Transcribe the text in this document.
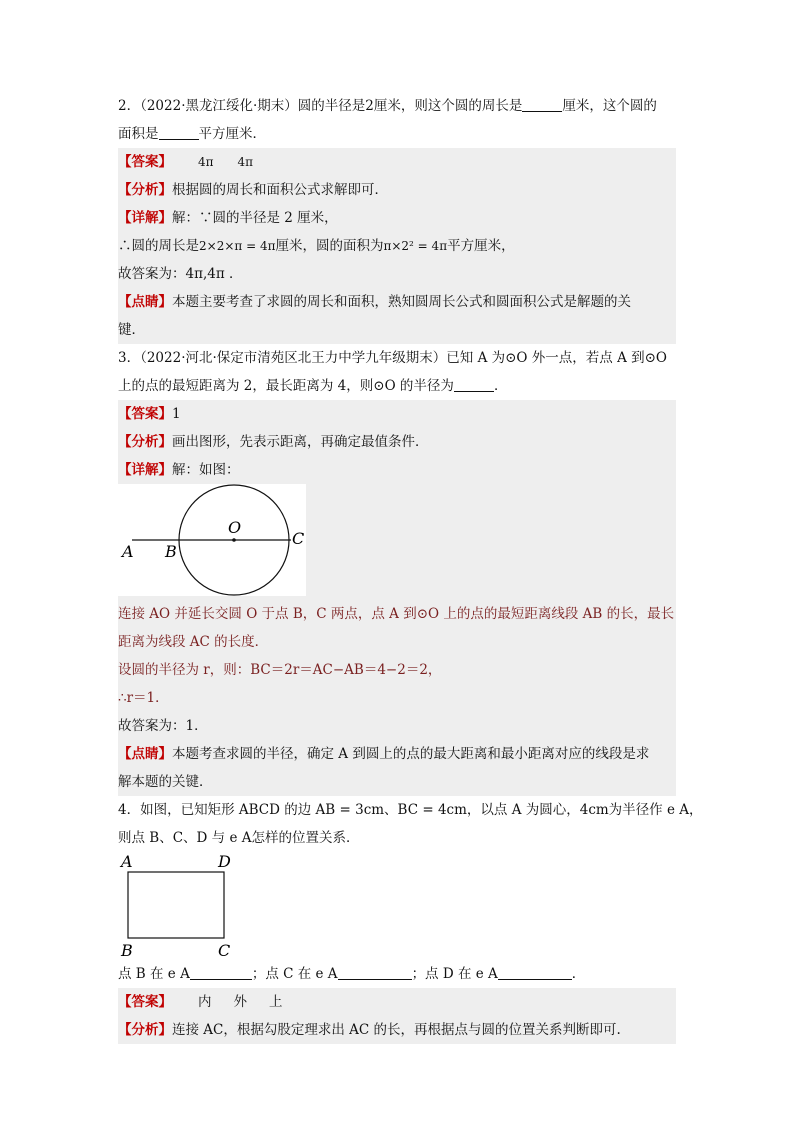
2．（2022·黑龙江绥化·期末）圆的半径是2厘米，则这个圆的周长是	厘米，这个圆的
面积是	平方厘米．
【答案】 4π 4π
【分析】根据圆的周长和面积公式求解即可．
【详解】解：∵圆的半径是 2 厘米，
∴圆的周长是2×2×π = 4π厘米，圆的面积为π×2² = 4π平方厘米，
故答案为：4π,4π ．
【点睛】本题主要考查了求圆的周长和面积，熟知圆周长公式和圆面积公式是解题的关
键．
3．（2022·河北·保定市清苑区北王力中学九年级期末）已知 A 为⊙O 外一点，若点 A 到⊙O
上的点的最短距离为 2，最长距离为 4，则⊙O 的半径为	．
【答案】1
【分析】画出图形，先表示距离，再确定最值条件．
【详解】解：如图：
O
A B
C
连接 AO 并延长交圆 O 于点 B，C 两点，点 A 到⊙O 上的点的最短距离线段 AB 的长，最长
距离为线段 AC 的长度．
设圆的半径为 r，则：BC＝2r＝AC−AB＝4−2＝2，
∴r＝1．
故答案为：1．
【点睛】本题考查求圆的半径，确定 A 到圆上的点的最大距离和最小距离对应的线段是求
解本题的关键．
4．如图，已知矩形 ABCD 的边 AB = 3cm、BC = 4cm，以点 A 为圆心，4cm为半径作 e A，
则点 B、C、D 与 e A怎样的位置关系．
A	D
B	C
点 B 在 e A	；点 C 在 e A	；点 D 在 e A	．
【答案】 内 外 上
【分析】连接 AC，根据勾股定理求出 AC 的长，再根据点与圆的位置关系判断即可.
